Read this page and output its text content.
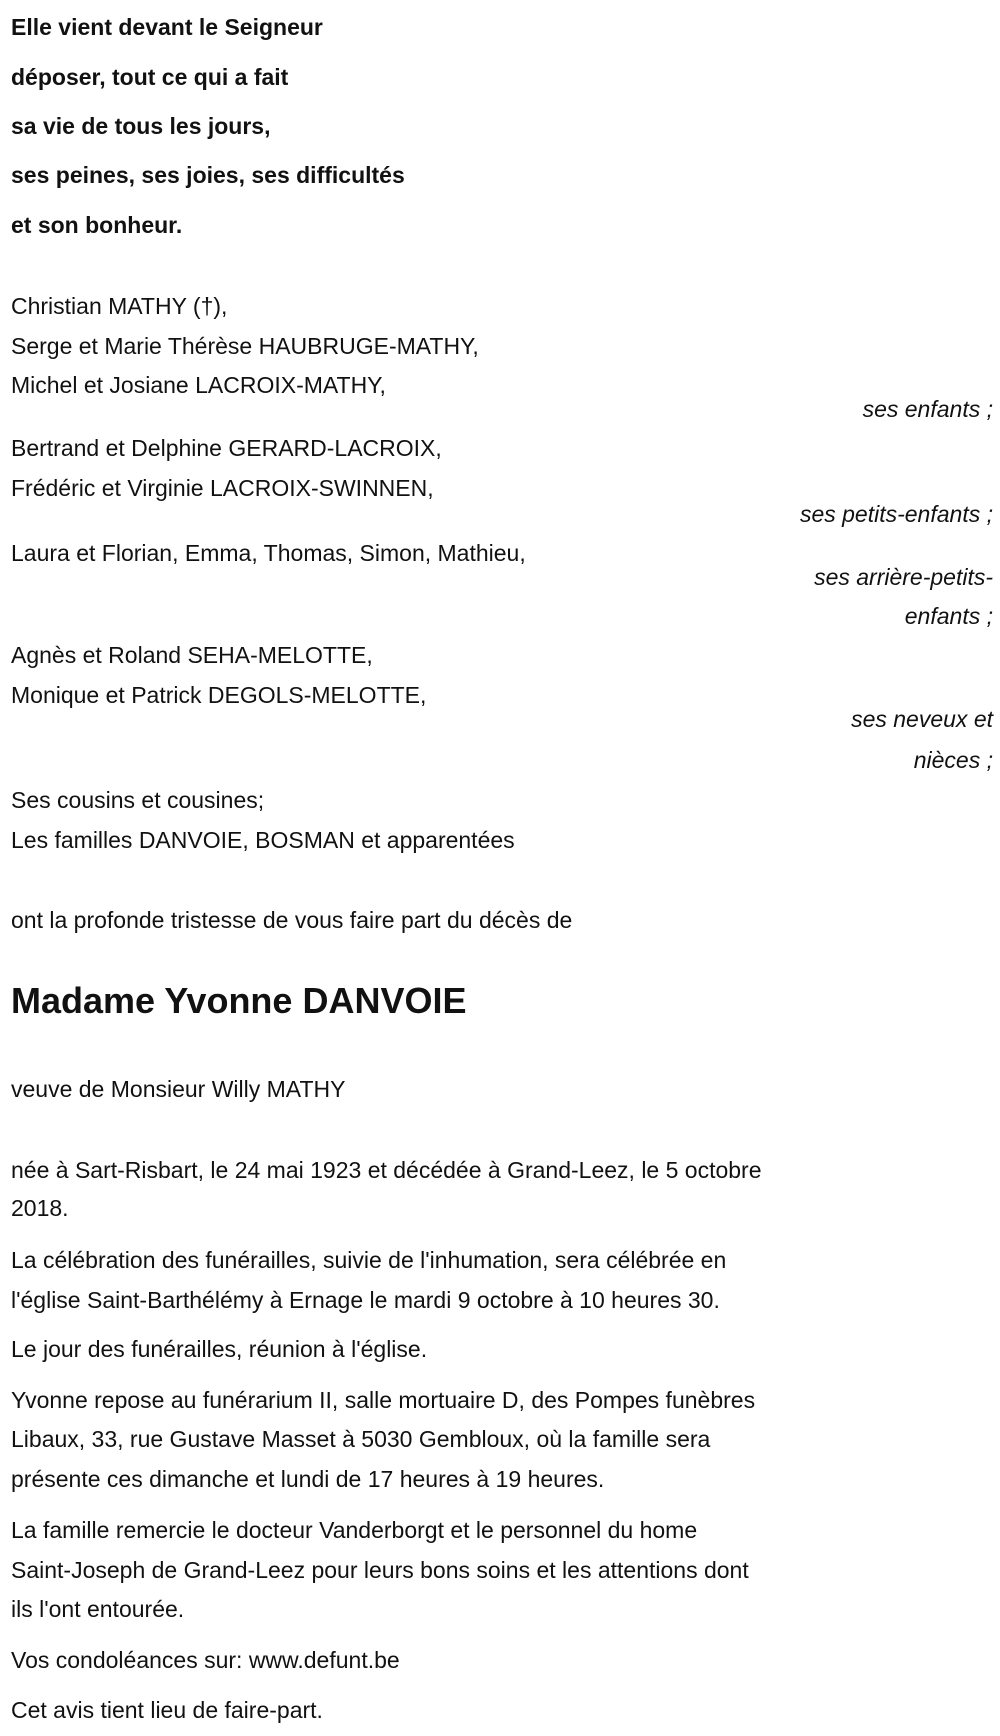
Elle vient devant le Seigneur
déposer, tout ce qui a fait
sa vie de tous les jours,
ses peines, ses joies, ses difficultés
et son bonheur.
Christian MATHY (†),
Serge et Marie Thérèse HAUBRUGE-MATHY,
Michel et Josiane LACROIX-MATHY,
ses enfants ;
Bertrand et Delphine GERARD-LACROIX,
Frédéric et Virginie LACROIX-SWINNEN,
ses petits-enfants ;
Laura et Florian, Emma, Thomas, Simon, Mathieu,
ses arrière-petits-
enfants ;
Agnès et Roland SEHA-MELOTTE,
Monique et Patrick DEGOLS-MELOTTE,
ses neveux et
nièces ;
Ses cousins et cousines;
Les familles DANVOIE, BOSMAN et apparentées
ont la profonde tristesse de vous faire part du décès de
Madame Yvonne DANVOIE
veuve de Monsieur Willy MATHY
née à Sart-Risbart, le 24 mai 1923 et décédée à Grand-Leez, le 5 octobre
2018.
La célébration des funérailles, suivie de l'inhumation, sera célébrée en
l'église Saint-Barthélémy à Ernage le mardi 9 octobre à 10 heures 30.
Le jour des funérailles, réunion à l'église.
Yvonne repose au funérarium II, salle mortuaire D, des Pompes funèbres
Libaux, 33, rue Gustave Masset à 5030 Gembloux, où la famille sera
présente ces dimanche et lundi de 17 heures à 19 heures.
La famille remercie le docteur Vanderborgt et le personnel du home
Saint-Joseph de Grand-Leez pour leurs bons soins et les attentions dont
ils l'ont entourée.
Vos condoléances sur: www.defunt.be
Cet avis tient lieu de faire-part.
